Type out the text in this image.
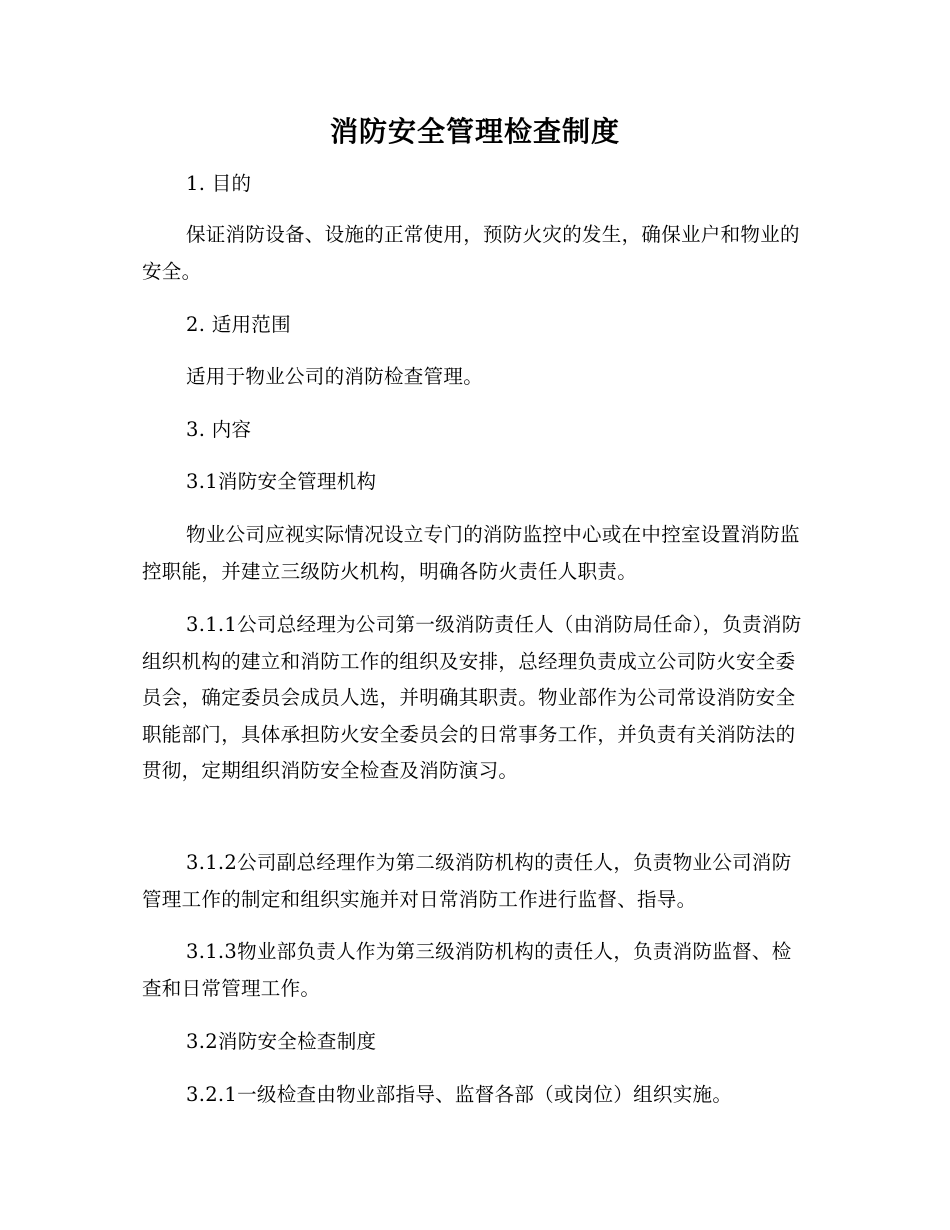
消防安全管理检查制度

1. 目的

保证消防设备、设施的正常使用，预防火灾的发生，确保业户和物业的安全。

2. 适用范围

适用于物业公司的消防检查管理。

3. 内容

3.1消防安全管理机构

物业公司应视实际情况设立专门的消防监控中心或在中控室设置消防监控职能，并建立三级防火机构，明确各防火责任人职责。

3.1.1公司总经理为公司第一级消防责任人（由消防局任命），负责消防组织机构的建立和消防工作的组织及安排，总经理负责成立公司防火安全委员会，确定委员会成员人选，并明确其职责。物业部作为公司常设消防安全职能部门，具体承担防火安全委员会的日常事务工作，并负责有关消防法的贯彻，定期组织消防安全检查及消防演习。

3.1.2公司副总经理作为第二级消防机构的责任人，负责物业公司消防管理工作的制定和组织实施并对日常消防工作进行监督、指导。

3.1.3物业部负责人作为第三级消防机构的责任人，负责消防监督、检查和日常管理工作。

3.2消防安全检查制度

3.2.1一级检查由物业部指导、监督各部（或岗位）组织实施。
